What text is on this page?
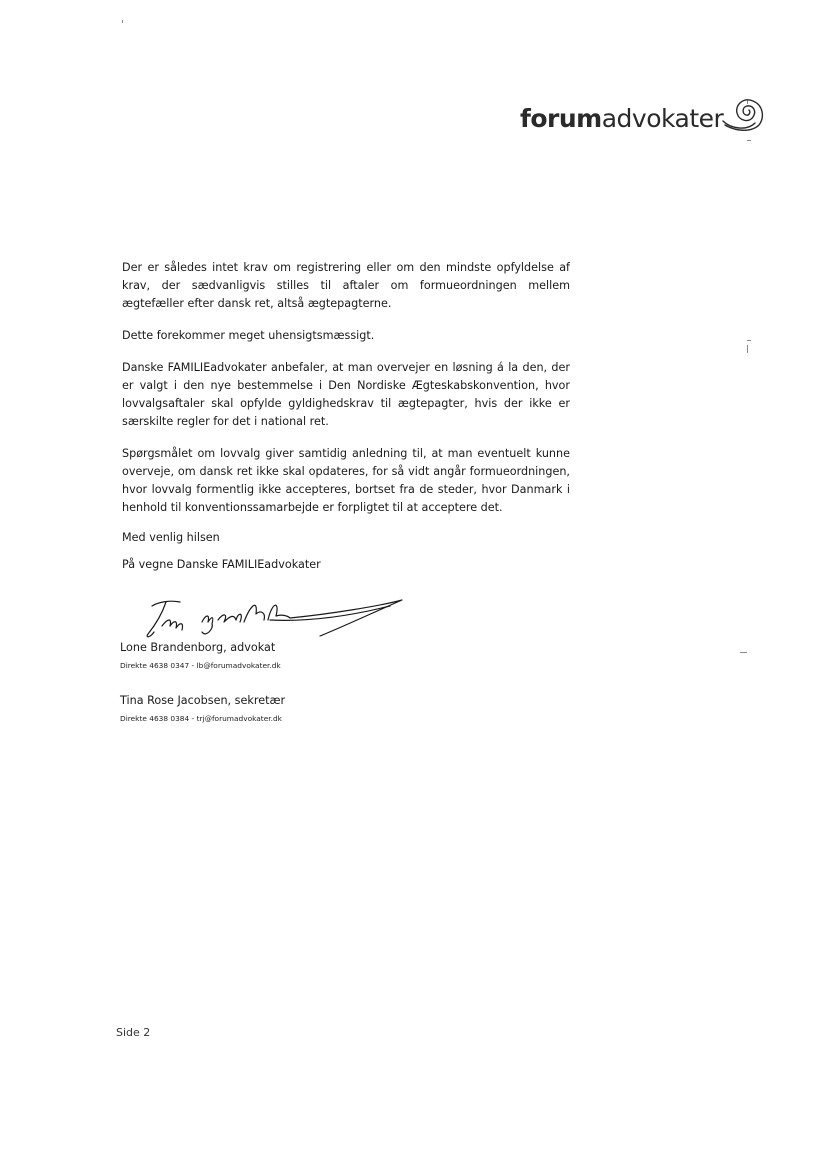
forumadvokater

Der er således intet krav om registrering eller om den mindste opfyldelse af krav, der sædvanligvis stilles til aftaler om formueordningen mellem ægtefæller efter dansk ret, altså ægtepagterne.

Dette forekommer meget uhensigtsmæssigt.

Danske FAMILIEadvokater anbefaler, at man overvejer en løsning á la den, der er valgt i den nye bestemmelse i Den Nordiske Ægteskabskonvention, hvor lovvalgsaftaler skal opfylde gyldighedskrav til ægtepagter, hvis der ikke er særskilte regler for det i national ret.

Spørgsmålet om lovvalg giver samtidig anledning til, at man eventuelt kunne overveje, om dansk ret ikke skal opdateres, for så vidt angår formueordningen, hvor lovvalg formentlig ikke accepteres, bortset fra de steder, hvor Danmark i henhold til konventionssamarbejde er forpligtet til at acceptere det.

Med venlig hilsen
På vegne Danske FAMILIEadvokater
Lone Brandenborg, advokat
Direkte 4638 0347 - lb@forumadvokater.dk
Tina Rose Jacobsen, sekretær
Direkte 4638 0384 - trj@forumadvokater.dk
Side 2
